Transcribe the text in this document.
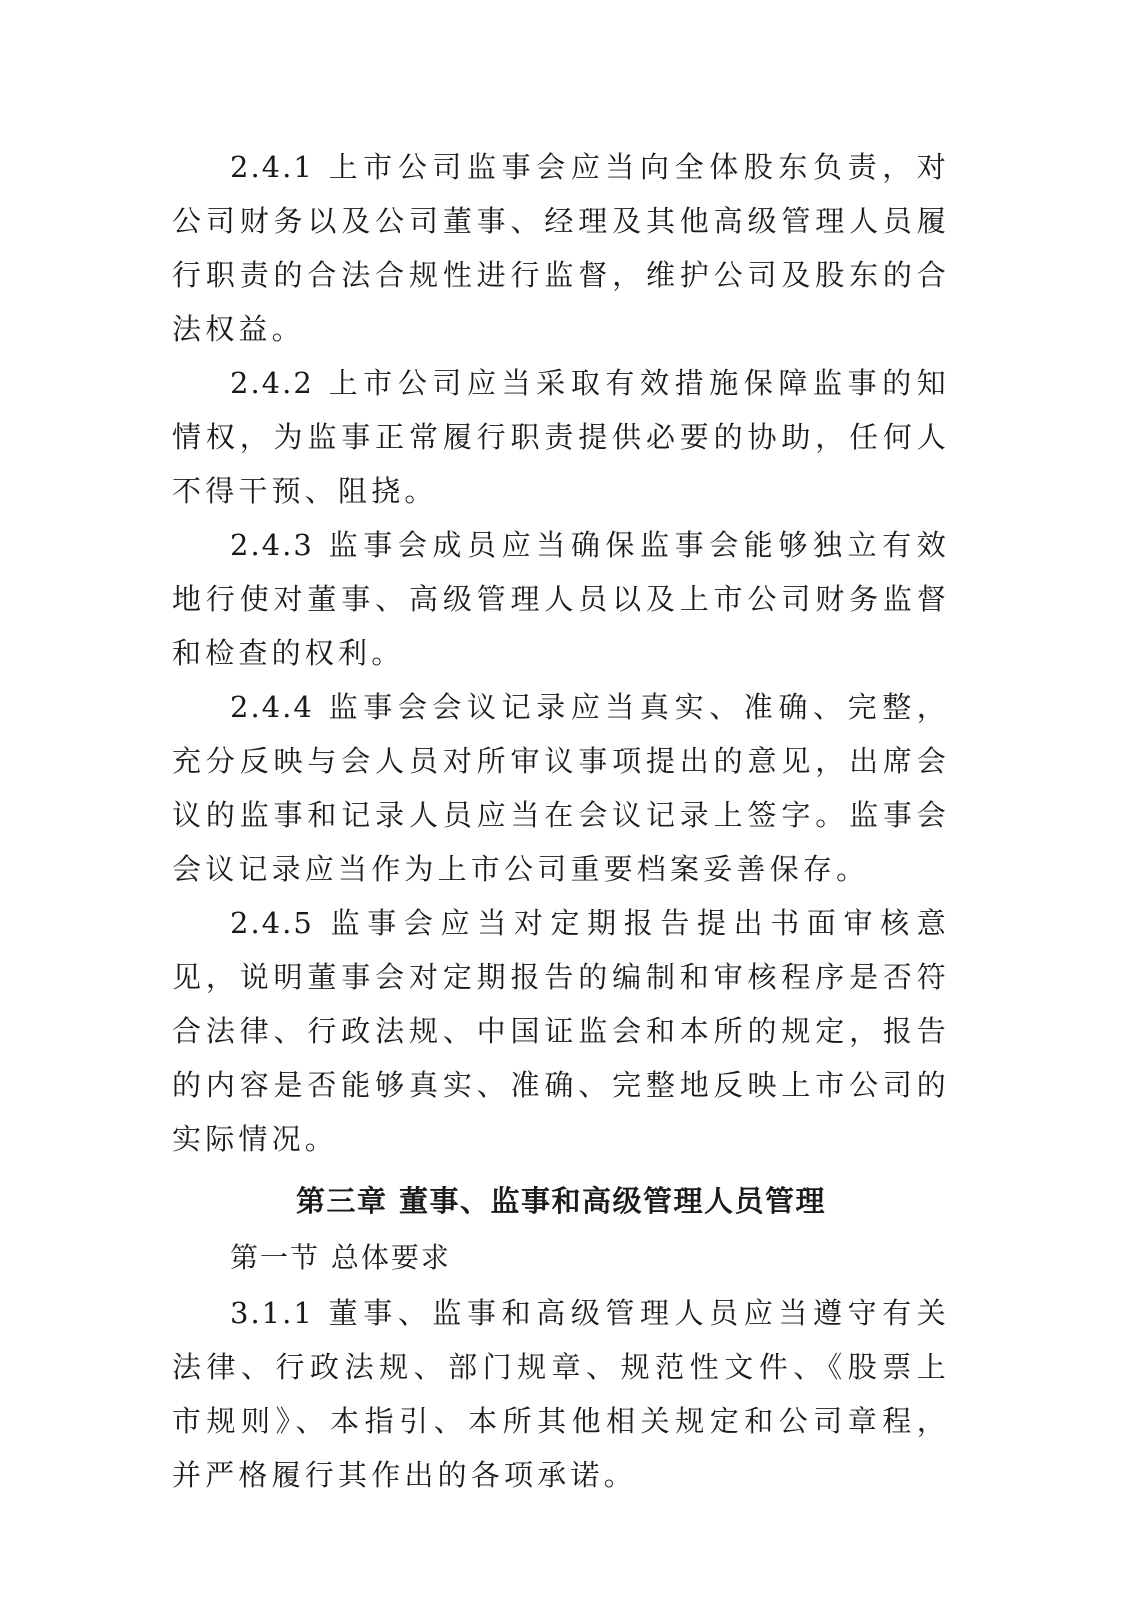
2.4.1 上市公司监事会应当向全体股东负责，对公司财务以及公司董事、经理及其他高级管理人员履行职责的合法合规性进行监督，维护公司及股东的合法权益。

2.4.2 上市公司应当采取有效措施保障监事的知情权，为监事正常履行职责提供必要的协助，任何人不得干预、阻挠。

2.4.3 监事会成员应当确保监事会能够独立有效地行使对董事、高级管理人员以及上市公司财务监督和检查的权利。

2.4.4 监事会会议记录应当真实、准确、完整，充分反映与会人员对所审议事项提出的意见，出席会议的监事和记录人员应当在会议记录上签字。监事会会议记录应当作为上市公司重要档案妥善保存。

2.4.5 监事会应当对定期报告提出书面审核意见，说明董事会对定期报告的编制和审核程序是否符合法律、行政法规、中国证监会和本所的规定，报告的内容是否能够真实、准确、完整地反映上市公司的实际情况。

第三章 董事、监事和高级管理人员管理
第一节 总体要求

3.1.1 董事、监事和高级管理人员应当遵守有关法律、行政法规、部门规章、规范性文件、《股票上市规则》、本指引、本所其他相关规定和公司章程，并严格履行其作出的各项承诺。
